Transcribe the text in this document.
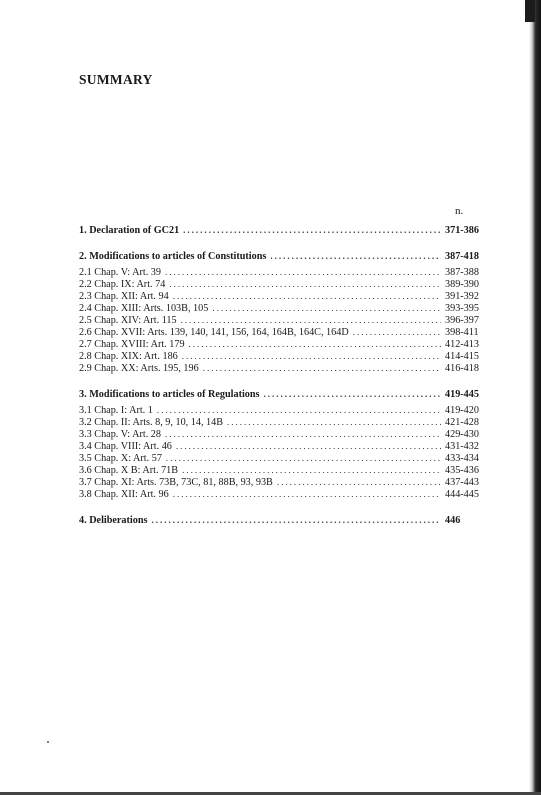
SUMMARY
n.
1. Declaration of GC21 .....	371-386
2. Modifications to articles of Constitutions .....	387-418
2.1 Chap. V: Art. 39 .....	387-388
2.2 Chap. IX: Art. 74 .....	389-390
2.3 Chap. XII: Art. 94 .....	391-392
2.4 Chap. XIII: Arts. 103B, 105 .....	393-395
2.5 Chap. XIV: Art. 115 .....	396-397
2.6 Chap. XVII: Arts. 139, 140, 141, 156, 164, 164B, 164C, 164D .....	398-411
2.7 Chap. XVIII: Art. 179 .....	412-413
2.8 Chap. XIX: Art. 186 .....	414-415
2.9 Chap. XX: Arts. 195, 196 .....	416-418
3. Modifications to articles of Regulations .....	419-445
3.1 Chap. I: Art. 1 .....	419-420
3.2 Chap. II: Arts. 8, 9, 10, 14, 14B .....	421-428
3.3 Chap. V: Art. 28 .....	429-430
3.4 Chap. VIII: Art. 46 .....	431-432
3.5 Chap. X: Art. 57 .....	433-434
3.6 Chap. X B: Art. 71B .....	435-436
3.7 Chap. XI: Arts. 73B, 73C, 81, 88B, 93, 93B .....	437-443
3.8 Chap. XII: Art. 96 .....	444-445
4. Deliberations .....	446
